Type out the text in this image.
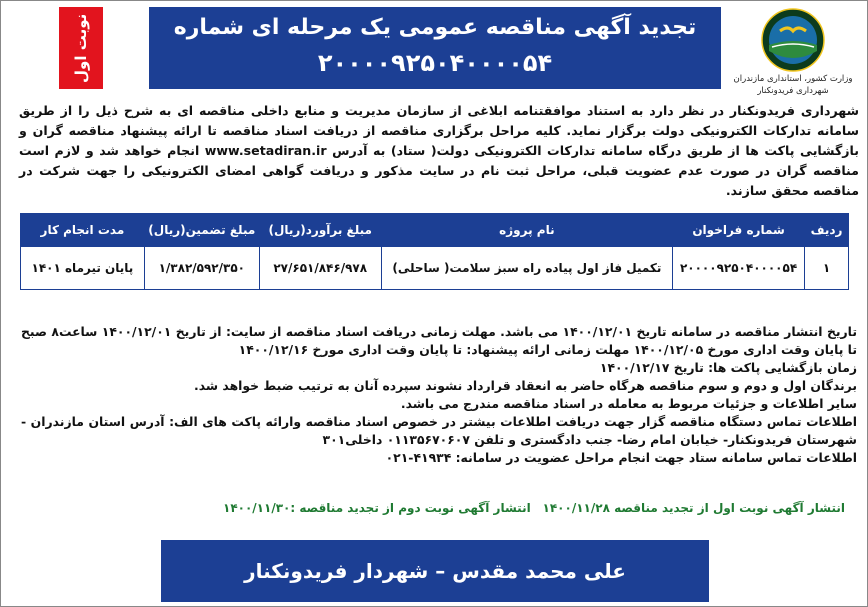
نوبت اول	تجدید آگهی مناقصه عمومی یک مرحله ای شماره
۲۰۰۰۰۹۲۵۰۴۰۰۰۰۵۴
وزارت کشور، استانداری مازندران
شهرداری فریدونکنار
شهرداری فریدونکنار در نظر دارد به استناد موافقتنامه ابلاغی از سازمان مدیریت و منابع داخلی مناقصه ای به شرح ذیل را از طریق سامانه تدارکات الکترونیکی دولت برگزار نماید. کلیه مراحل برگزاری مناقصه از دریافت اسناد مناقصه تا ارائه پیشنهاد مناقصه گران و بازگشایی پاکت ها از طریق درگاه سامانه تدارکات الکترونیکی دولت( ستاد) به آدرس www.setadiran.ir انجام خواهد شد و لازم است مناقصه گران در صورت عدم عضویت قبلی، مراحل ثبت نام در سایت مذکور و دریافت گواهی امضای الکترونیکی را جهت شرکت در مناقصه محقق سازند.
ردیف	شماره فراخوان	نام پروژه	مبلغ برآورد(ریال)	مبلغ تضمین(ریال)	مدت انجام کار
۱	۲۰۰۰۰۹۲۵۰۴۰۰۰۰۵۴	تکمیل فاز اول پیاده راه سبز سلامت( ساحلی)	۲۷/۶۵۱/۸۴۶/۹۷۸	۱/۳۸۲/۵۹۲/۳۵۰	پایان تیرماه ۱۴۰۱
تاریخ انتشار مناقصه در سامانه تاریخ ۱۴۰۰/۱۲/۰۱ می باشد. مهلت زمانی دریافت اسناد مناقصه از سایت: از تاریخ ۱۴۰۰/۱۲/۰۱ ساعت۸ صبح تا پایان وقت اداری مورخ ۱۴۰۰/۱۲/۰۵ مهلت زمانی ارائه پیشنهاد: تا پایان وقت اداری مورخ ۱۴۰۰/۱۲/۱۶
زمان بازگشایی پاکت ها: تاریخ ۱۴۰۰/۱۲/۱۷
برندگان اول و دوم و سوم مناقصه هرگاه حاضر به انعقاد قرارداد نشوند سپرده آنان به ترتیب ضبط خواهد شد.
سایر اطلاعات و جزئیات مربوط به معامله در اسناد مناقصه مندرج می باشد.
اطلاعات تماس دستگاه مناقصه گزار جهت دریافت اطلاعات بیشتر در خصوص اسناد مناقصه وارائه پاکت های الف: آدرس استان مازندران - شهرستان فریدونکنار- خیابان امام رضا- جنب دادگستری و تلفن ۰۱۱۳۵۶۷۰۶۰۷ داخلی۳۰۱
اطلاعات تماس سامانه ستاد جهت انجام مراحل عضویت در سامانه: ۴۱۹۳۴-۰۲۱
انتشار آگهی نوبت اول از تجدید مناقصه ۱۴۰۰/۱۱/۲۸
انتشار آگهی نوبت دوم از تجدید مناقصه :۱۴۰۰/۱۱/۳۰
علی محمد مقدس – شهردار فریدونکنار
